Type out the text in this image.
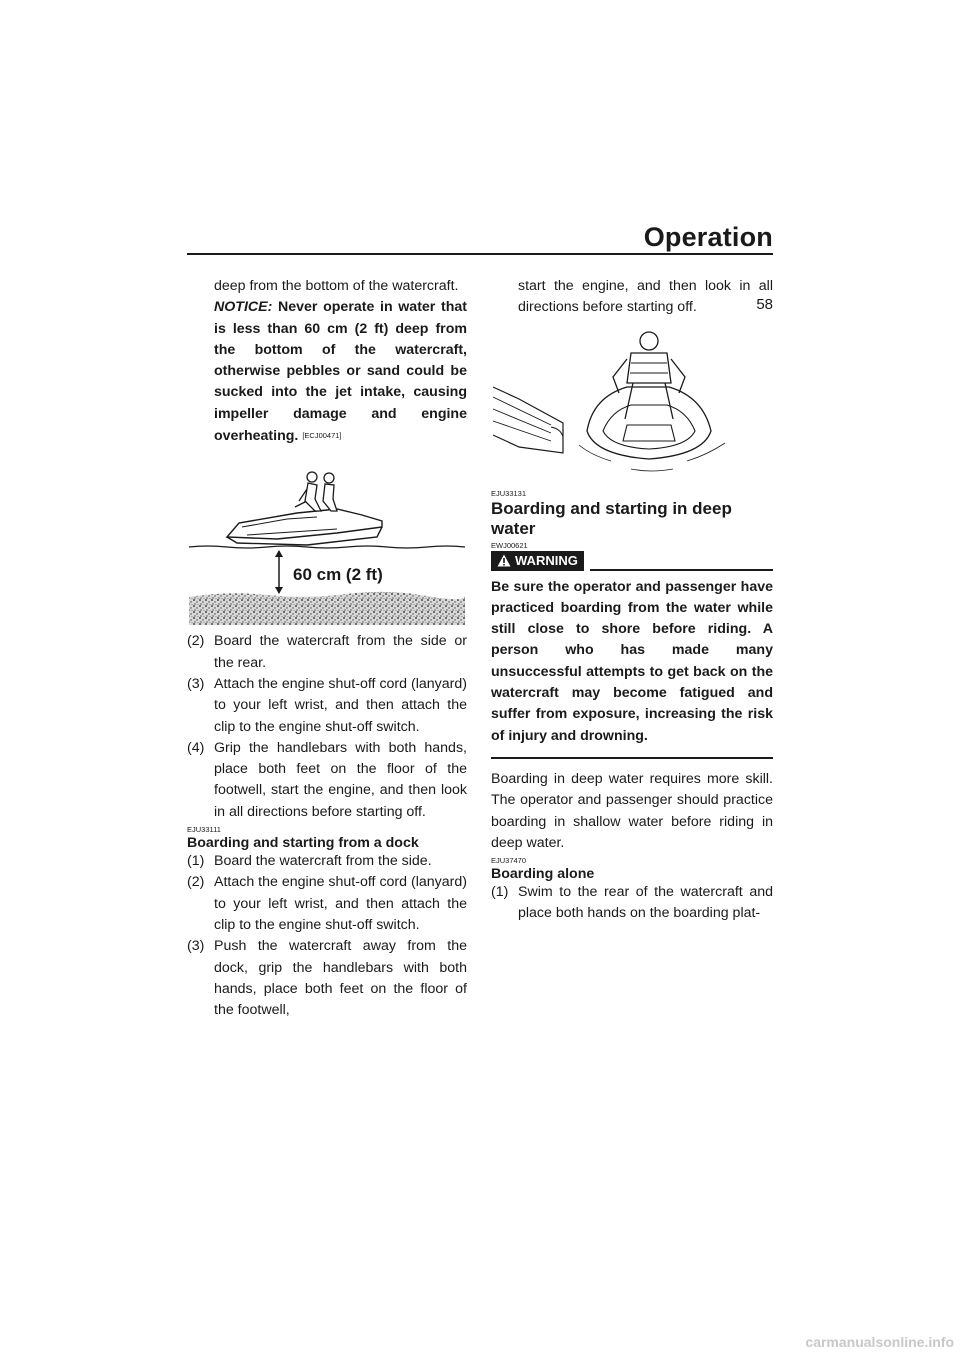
Operation
58

deep from the bottom of the watercraft.

NOTICE: Never operate in water that is less than 60 cm (2 ft) deep from the bottom of the watercraft, otherwise pebbles or sand could be sucked into the jet intake, causing impeller damage and engine overheating. [ECJ00471]

60 cm (2 ft)
(2) Board the watercraft from the side or the rear.
(3) Attach the engine shut-off cord (lanyard) to your left wrist, and then attach the clip to the engine shut-off switch.
(4) Grip the handlebars with both hands, place both feet on the floor of the footwell, start the engine, and then look in all directions before starting off.
EJU33111
Boarding and starting from a dock
(1) Board the watercraft from the side.
(2) Attach the engine shut-off cord (lanyard) to your left wrist, and then attach the clip to the engine shut-off switch.
(3) Push the watercraft away from the dock, grip the handlebars with both hands, place both feet on the floor of the footwell,

start the engine, and then look in all directions before starting off.

EJU33131
Boarding and starting in deep water
EWJ00621
WARNING

Be sure the operator and passenger have practiced boarding from the water while still close to shore before riding. A person who has made many unsuccessful attempts to get back on the watercraft may become fatigued and suffer from exposure, increasing the risk of injury and drowning.

Boarding in deep water requires more skill. The operator and passenger should practice boarding in shallow water before riding in deep water.

EJU37470
Boarding alone
(1) Swim to the rear of the watercraft and place both hands on the boarding plat-
carmanualsonline.info
